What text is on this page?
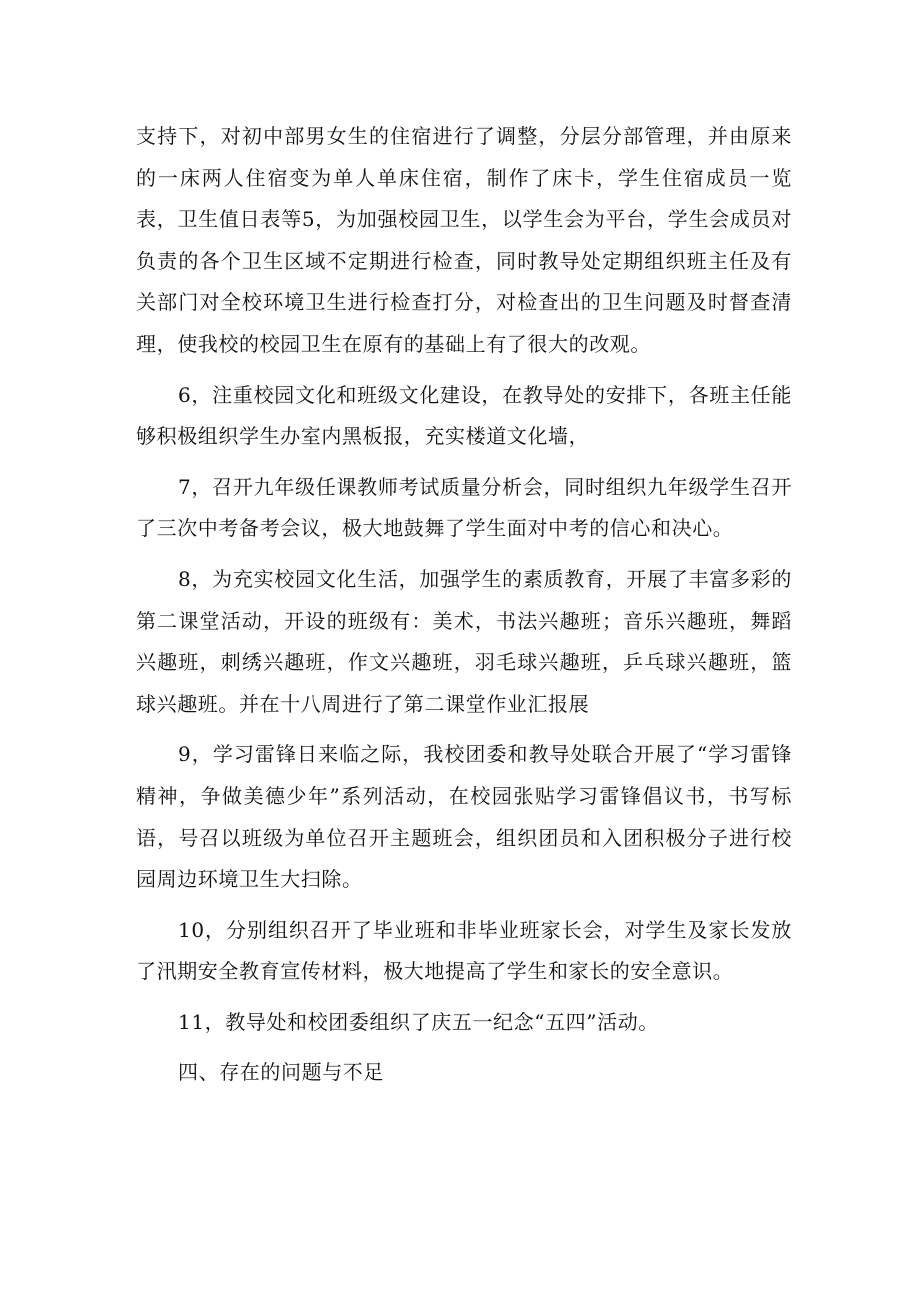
支持下，对初中部男女生的住宿进行了调整，分层分部管理，并由原来的一床两人住宿变为单人单床住宿，制作了床卡，学生住宿成员一览表，卫生值日表等5，为加强校园卫生，以学生会为平台，学生会成员对负责的各个卫生区域不定期进行检查，同时教导处定期组织班主任及有关部门对全校环境卫生进行检查打分，对检查出的卫生问题及时督查清理，使我校的校园卫生在原有的基础上有了很大的改观。

6，注重校园文化和班级文化建设，在教导处的安排下，各班主任能够积极组织学生办室内黑板报，充实楼道文化墙，

7，召开九年级任课教师考试质量分析会，同时组织九年级学生召开了三次中考备考会议，极大地鼓舞了学生面对中考的信心和决心。

8，为充实校园文化生活，加强学生的素质教育，开展了丰富多彩的第二课堂活动，开设的班级有：美术，书法兴趣班；音乐兴趣班，舞蹈兴趣班，刺绣兴趣班，作文兴趣班，羽毛球兴趣班，乒乓球兴趣班，篮球兴趣班。并在十八周进行了第二课堂作业汇报展

9，学习雷锋日来临之际，我校团委和教导处联合开展了“学习雷锋精神，争做美德少年”系列活动，在校园张贴学习雷锋倡议书，书写标语，号召以班级为单位召开主题班会，组织团员和入团积极分子进行校园周边环境卫生大扫除。

10，分别组织召开了毕业班和非毕业班家长会，对学生及家长发放了汛期安全教育宣传材料，极大地提高了学生和家长的安全意识。

11，教导处和校团委组织了庆五一纪念“五四”活动。

四、存在的问题与不足
